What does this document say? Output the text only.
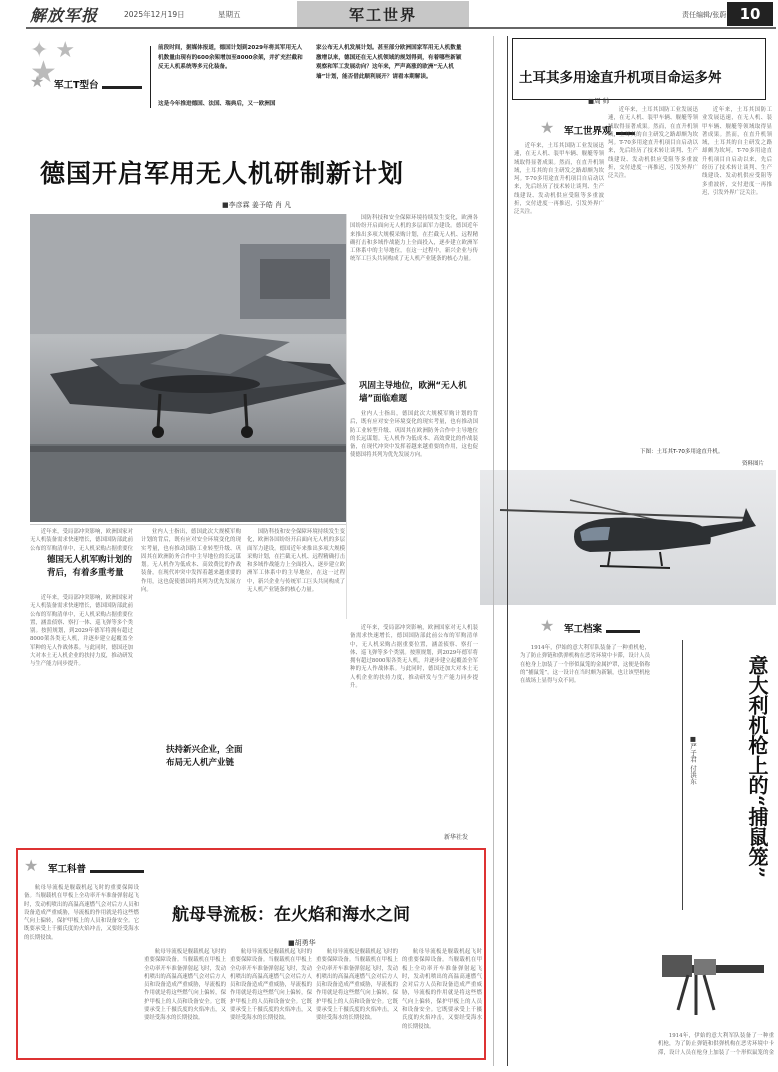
解放军报	2025年12月19日	星期五	军工世界	责任编辑/张蔚 10
✦ ★
★
前段时间，据媒体报道，德国计划到2029年将其军用无人机数量由现有的600余架增加至8000余架，并扩充拦截和反无人机系统等多元化装备。
这是今年推进德国、法国、瑞典后，又一欧洲国
家公布无人机发展计划。甚至部分欧洲国家军用无人机数量激增以来，德国还在无人机领域的规划得到，有着哪些新颖观察和军工发展动向？这年来，严声高涨的欧洲“无人机墙”计划，能否借此顺利展开？请看本期解读。
★
军工T型台
德国开启军用无人机研制新计划
■李彦霖 姜予皓 肖 凡
国防科技和安全保障环境持续发生变化，欧洲各国纷纷开启面向无人机的多层面军力建设。德国近年来推出多项大规模采购计划，在拦截无人机、远程精确打击和多域作战能力上全面投入，逐步建立欧洲军工体系中的主导地位，在这一过程中，新兴企业与传统军工巨头共同构成了无人机产业链条的核心力量。
巩固主导地位，欧洲“无人机墙”面临难题
业内人士指出，德国此次大规模军购计划的背后，既有应对安全环境变化的现实考量，也有推动国防工业转型升级、巩固其在欧洲防务合作中主导地位的长远谋划。无人机作为低成本、高效费比的作战装备，在现代冲突中发挥着越来越重要的作用，这也促使德国将其列为优先发展方向。
近年来，受局部冲突影响，欧洲国家对无人机装备需求快速增长，德国国防部此前公布的军购清单中，无人机采购占据重要位
德国无人机军购计划的背后，有着多重考量
近年来，受局部冲突影响，欧洲国家对无人机装备需求快速增长，德国国防部此前公布的军购清单中，无人机采购占据重要位置，涵盖侦察、察打一体、巡飞弹等多个类别。按照规划，到2029年德军将拥有超过8000架各类无人机，并逐步建立起覆盖全军种的无人作战体系。与此同时，德国还加大对本土无人机企业的扶持力度，推动研发与生产能力同步提升。
业内人士指出，德国此次大规模军购计划的背后，既有应对安全环境变化的现实考量，也有推动国防工业转型升级、巩固其在欧洲防务合作中主导地位的长远谋划。无人机作为低成本、高效费比的作战装备，在现代冲突中发挥着越来越重要的作用，这也促使德国将其列为优先发展方向。
国防科技和安全保障环境持续发生变化，欧洲各国纷纷开启面向无人机的多层面军力建设。德国近年来推出多项大规模采购计划，在拦截无人机、远程精确打击和多域作战能力上全面投入，逐步建立欧洲军工体系中的主导地位，在这一过程中，新兴企业与传统军工巨头共同构成了无人机产业链条的核心力量。
近年来，受局部冲突影响，欧洲国家对无人机装备需求快速增长，德国国防部此前公布的军购清单中，无人机采购占据重要位置，涵盖侦察、察打一体、巡飞弹等多个类别。按照规划，到2029年德军将拥有超过8000架各类无人机，并逐步建立起覆盖全军种的无人作战体系。与此同时，德国还加大对本土无人机企业的扶持力度，推动研发与生产能力同步提升。
扶持新兴企业，全面布局无人机产业链
新华社发
土耳其多用途直升机项目命运多舛
■周 帅
★
军工世界观
近年来，土耳其国防工业发展迅速，在无人机、装甲车辆、舰艇等领域取得显著成果。然而，在直升机领域，土耳其的自主研发之路却颇为坎坷。T-70多用途直升机项目自启动以来，先后经历了技术转让谈判、生产线建设、发动机供应受阻等多重波折，交付进度一再推迟，引发外界广泛关注。
近年来，土耳其国防工业发展迅速，在无人机、装甲车辆、舰艇等领域取得显著成果。然而，在直升机领域，土耳其的自主研发之路却颇为坎坷。T-70多用途直升机项目自启动以来，先后经历了技术转让谈判、生产线建设、发动机供应受阻等多重波折，交付进度一再推迟，引发外界广泛关注。
近年来，土耳其国防工业发展迅速，在无人机、装甲车辆、舰艇等领域取得显著成果。然而，在直升机领域，土耳其的自主研发之路却颇为坎坷。T-70多用途直升机项目自启动以来，先后经历了技术转让谈判、生产线建设、发动机供应受阻等多重波折，交付进度一再推迟，引发外界广泛关注。
下图：土耳其T-70多用途直升机。
资料图片
★
军工档案
1914年，伊始的意大利军队装备了一种重机枪，为了防止弹链和供弹机构在恶劣环境中卡滞，设计人员在枪身上加装了一个形似鼠笼的金属护罩，这便是俗称的“捕鼠笼”。这一设计在当时颇为新颖，也让该型机枪在战场上显得与众不同。
1914年，伊始的意大利军队装备了一种重机枪，为了防止弹链和供弹机构在恶劣环境中卡滞，设计人员在枪身上加装了一个形似鼠笼的金
意大利机枪上的“捕鼠笼”
■严子君 付洪东
★
军工科普
航母导流板：在火焰和海水之间
■胡勇华
航母导流板是舰载机起飞时的重要保障设备。当舰载机在甲板上全功率开车准备弹射起飞时，发动机喷出的高温高速燃气会对后方人员和设备造成严重威胁，导流板的作用就是将这些燃气向上偏转，保护甲板上的人员和设备安全。它既要承受上千摄氏度的火焰冲击，又要经受海水的长期侵蚀。
航母导流板是舰载机起飞时的重要保障设备。当舰载机在甲板上全功率开车准备弹射起飞时，发动机喷出的高温高速燃气会对后方人员和设备造成严重威胁，导流板的作用就是将这些燃气向上偏转，保护甲板上的人员和设备安全。它既要承受上千摄氏度的火焰冲击，又要经受海水的长期侵蚀。
航母导流板是舰载机起飞时的重要保障设备。当舰载机在甲板上全功率开车准备弹射起飞时，发动机喷出的高温高速燃气会对后方人员和设备造成严重威胁，导流板的作用就是将这些燃气向上偏转，保护甲板上的人员和设备安全。它既要承受上千摄氏度的火焰冲击，又要经受海水的长期侵蚀。
航母导流板是舰载机起飞时的重要保障设备。当舰载机在甲板上全功率开车准备弹射起飞时，发动机喷出的高温高速燃气会对后方人员和设备造成严重威胁，导流板的作用就是将这些燃气向上偏转，保护甲板上的人员和设备安全。它既要承受上千摄氏度的火焰冲击，又要经受海水的长期侵蚀。
航母导流板是舰载机起飞时的重要保障设备。当舰载机在甲板上全功率开车准备弹射起飞时，发动机喷出的高温高速燃气会对后方人员和设备造成严重威胁，导流板的作用就是将这些燃气向上偏转，保护甲板上的人员和设备安全。它既要承受上千摄氏度的火焰冲击，又要经受海水的长期侵蚀。
